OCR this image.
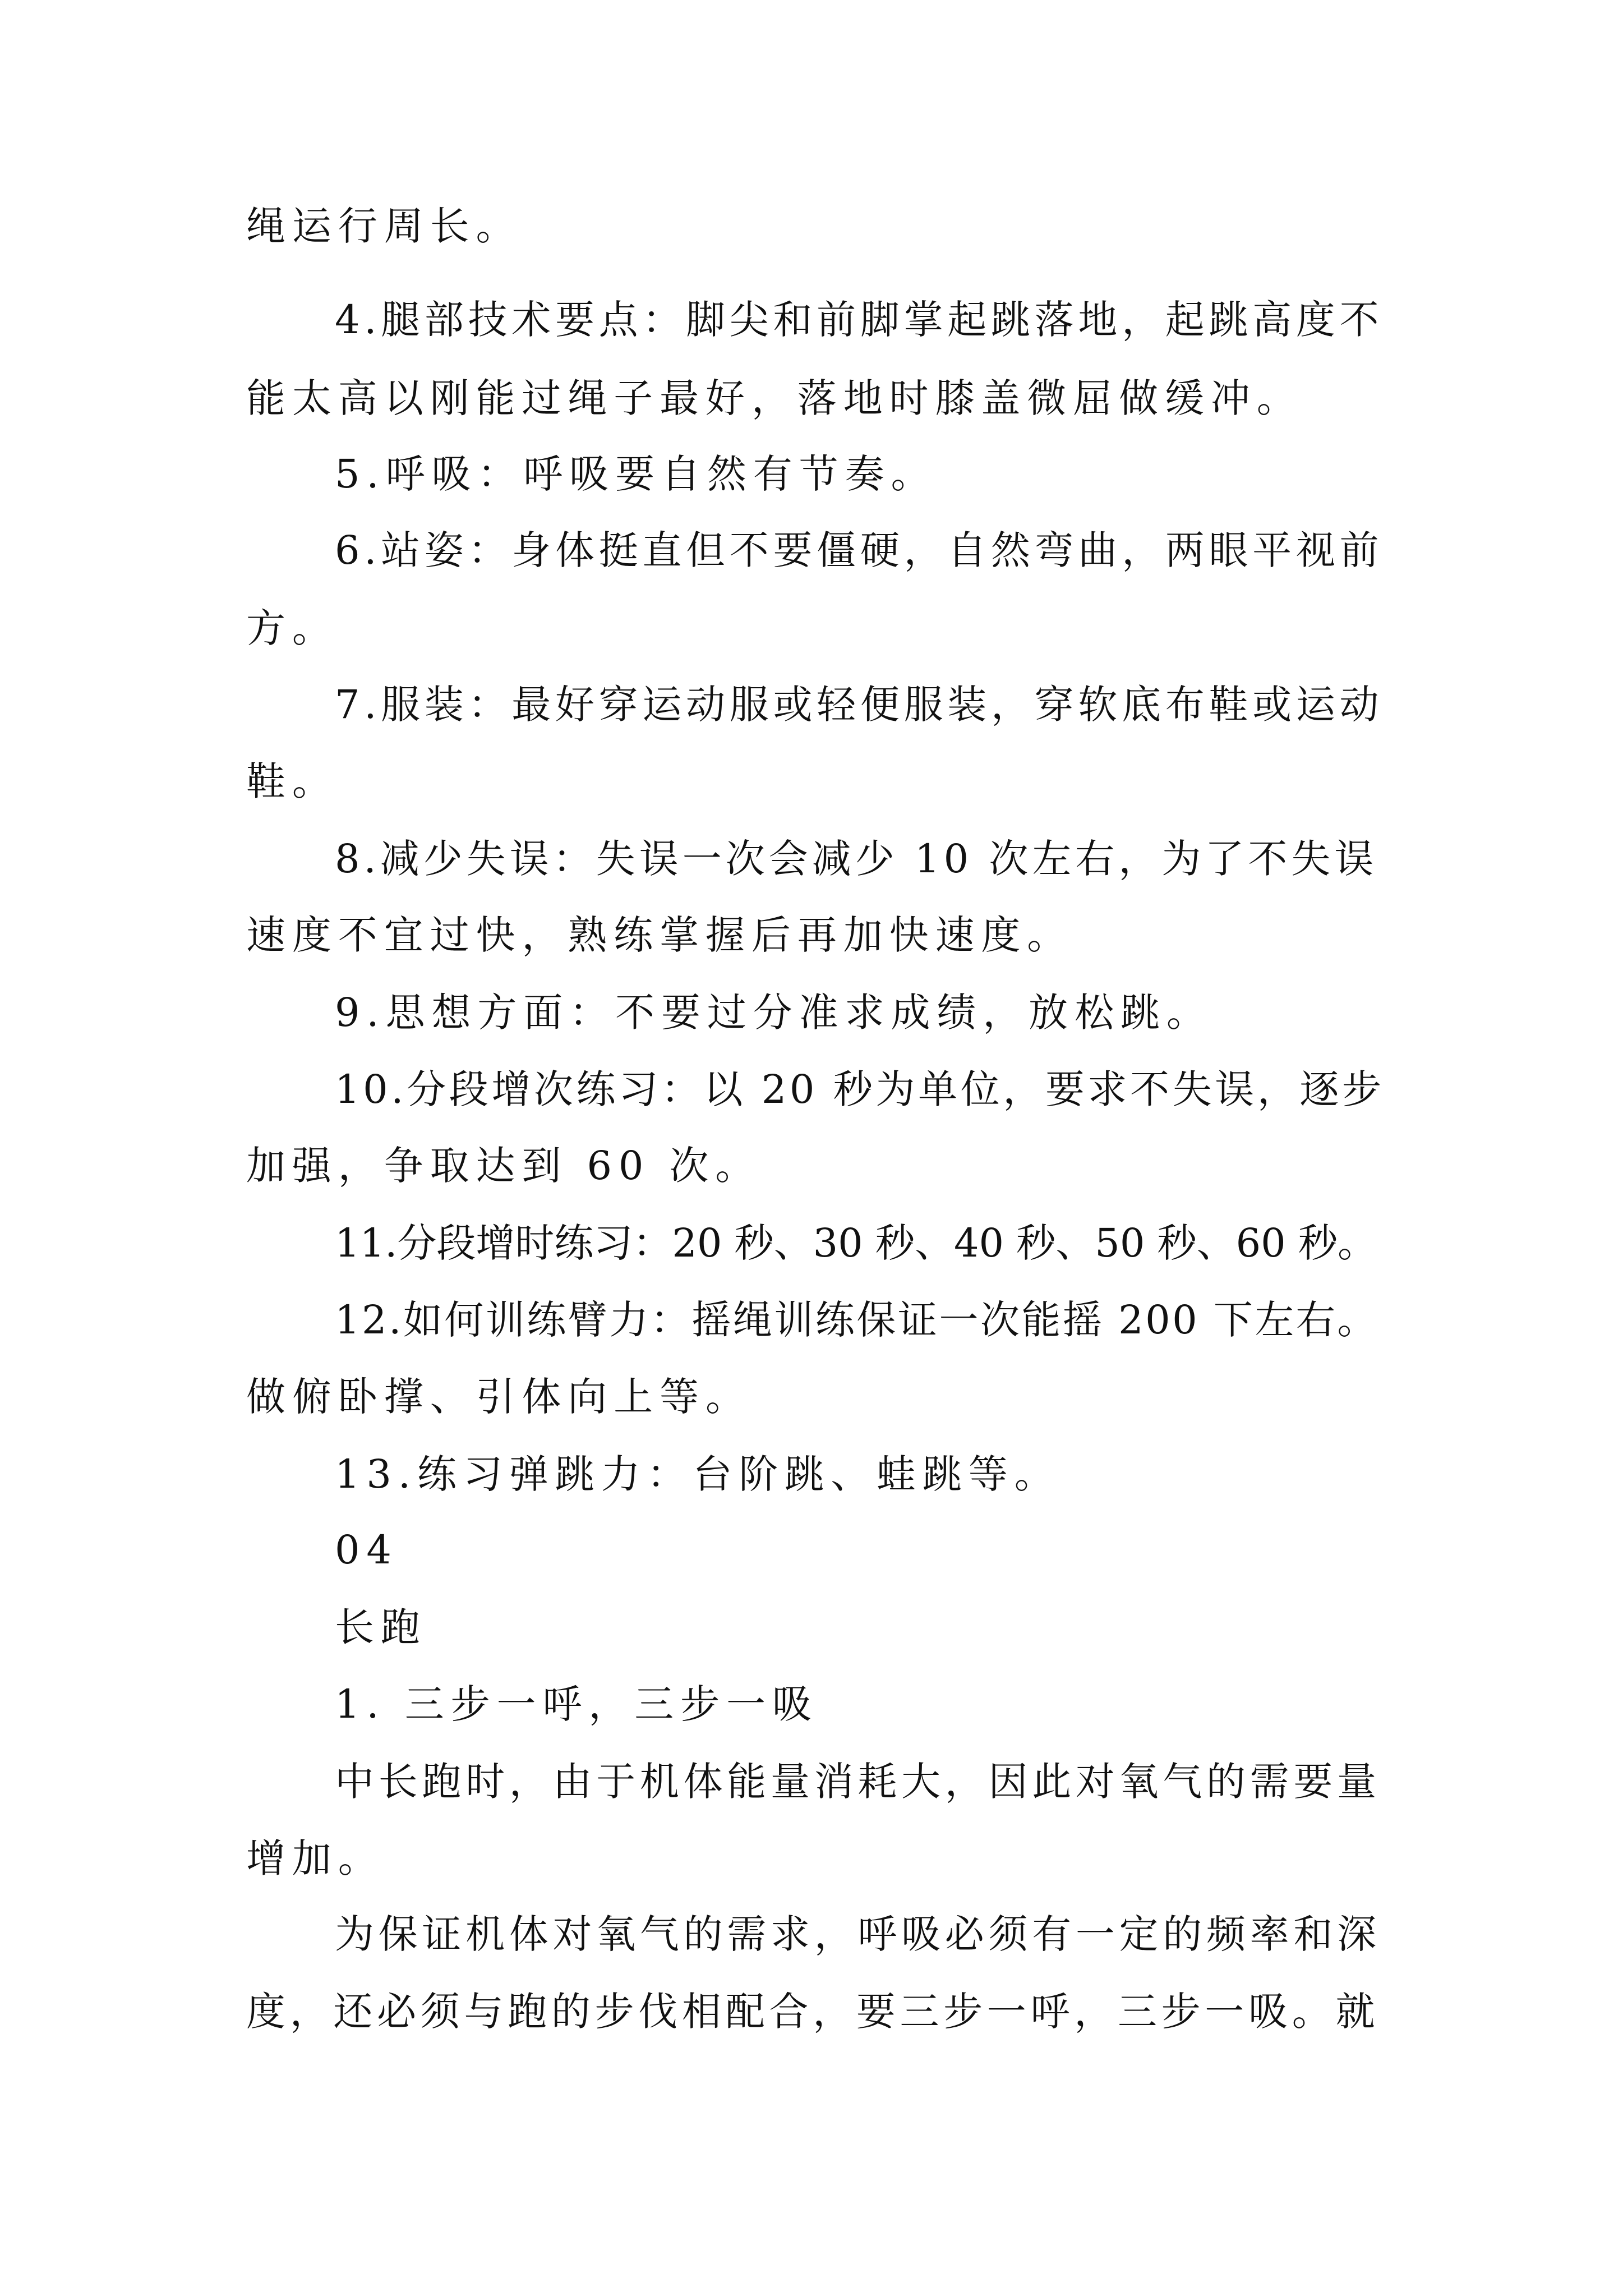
绳运行周长。
4.腿部技术要点：脚尖和前脚掌起跳落地，起跳高度不
能太高以刚能过绳子最好，落地时膝盖微屈做缓冲。
5.呼吸：呼吸要自然有节奏。
6.站姿：身体挺直但不要僵硬，自然弯曲，两眼平视前
方。
7.服装：最好穿运动服或轻便服装，穿软底布鞋或运动
鞋。
8.减少失误：失误一次会减少 10 次左右，为了不失误
速度不宜过快，熟练掌握后再加快速度。
9.思想方面：不要过分准求成绩，放松跳。
10.分段增次练习：以 20 秒为单位，要求不失误，逐步
加强，争取达到 60 次。
11.分段增时练习：20 秒、30 秒、40 秒、50 秒、60 秒。
12.如何训练臂力：摇绳训练保证一次能摇 200 下左右。
做俯卧撑、引体向上等。
13.练习弹跳力：台阶跳、蛙跳等。
04
长跑
1. 三步一呼，三步一吸
中长跑时，由于机体能量消耗大，因此对氧气的需要量
增加。
为保证机体对氧气的需求，呼吸必须有一定的频率和深
度，还必须与跑的步伐相配合，要三步一呼，三步一吸。就
